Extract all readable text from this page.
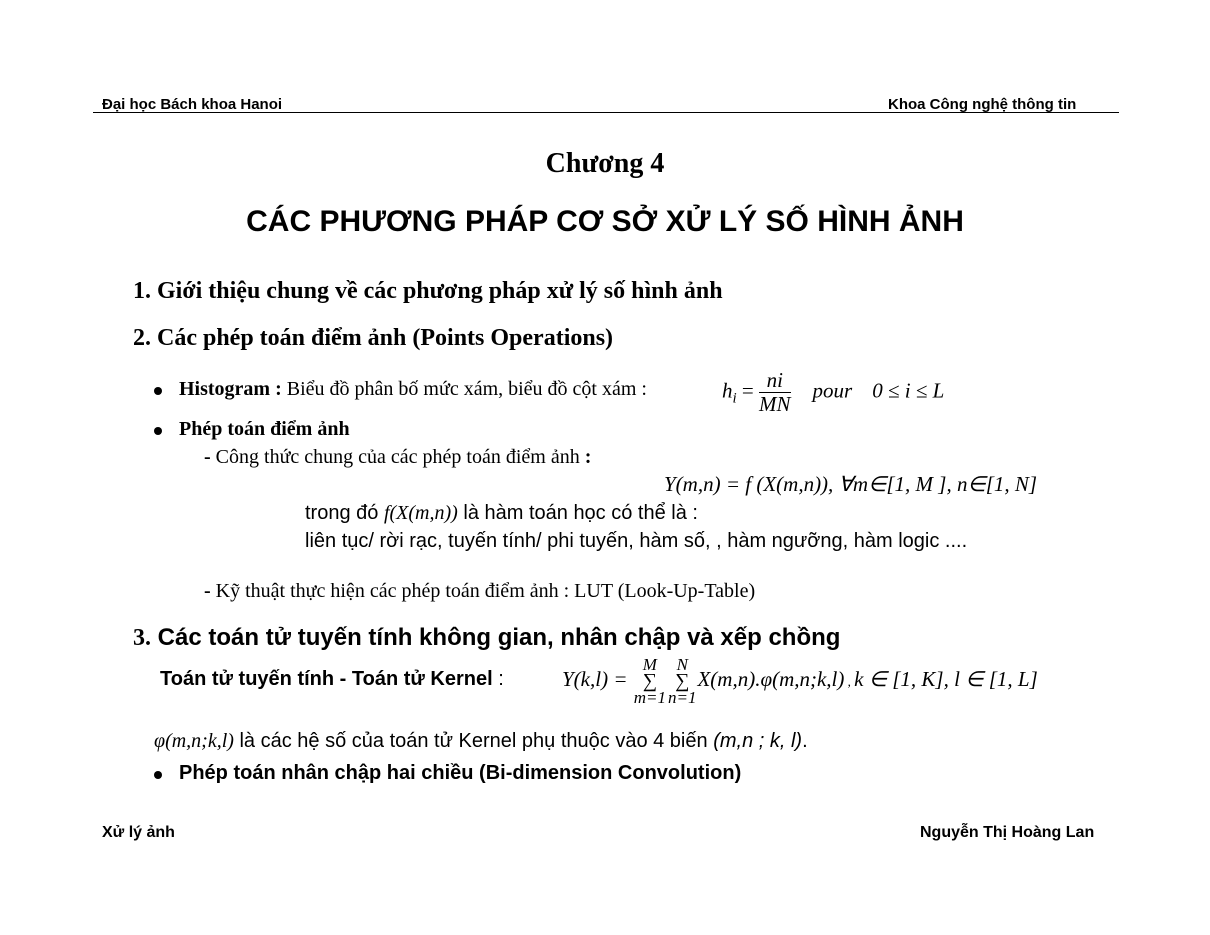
Đại học Bách khoa Hanoi	Khoa Công nghệ thông tin
Chương 4
CÁC PHƯƠNG PHÁP CƠ SỞ XỬ LÝ SỐ HÌNH ẢNH
1. Giới thiệu chung về các phương pháp xử lý số hình ảnh
2. Các phép toán điểm ảnh (Points Operations)
Histogram : Biểu đồ phân bố mức xám, biểu đồ cột xám :	$h_i = \frac{ni}{MN}$ pour 0 ≤ i ≤ L
Phép toán điểm ảnh
- Công thức chung của các phép toán điểm ảnh :
Y(m,n) = f (X(m,n)), ∀m∈[1, M ], n∈[1, N]
trong đó f(X(m,n)) là hàm toán học có thể là :
liên tục/ rời rạc, tuyến tính/ phi tuyến, hàm số, , hàm ngưỡng, hàm logic ....
- Kỹ thuật thực hiện các phép toán điểm ảnh : LUT (Look-Up-Table)
3. Các toán tử tuyến tính không gian, nhân chập và xếp chồng
Toán tử tuyến tính - Toán tử Kernel :	Y(k,l) =
M
∑
m=1
N
∑
n=1
X(m,n).φ(m,n;k,l) , k ∈ [1, K], l ∈ [1, L]
φ(m,n;k,l) là các hệ số của toán tử Kernel phụ thuộc vào 4 biến (m,n ; k, l).
Phép toán nhân chập hai chiều (Bi-dimension Convolution)
Xử lý ảnh	Nguyễn Thị Hoàng Lan
